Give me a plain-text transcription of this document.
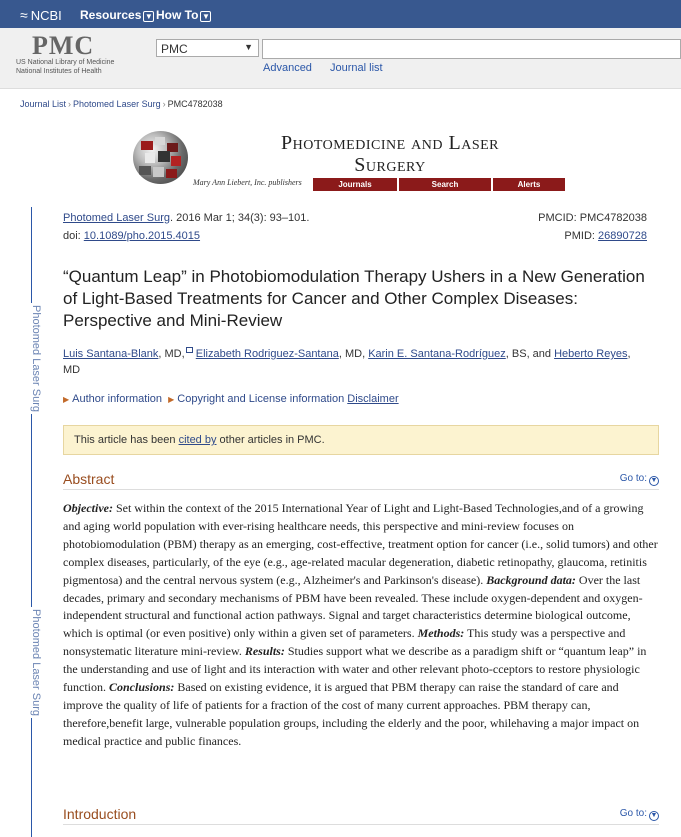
≈ NCBI Resources ▼ How To ▼
PMC
US National Library of Medicine
National Institutes of Health
PMC	▼
Advanced Journal list
Journal List › Photomed Laser Surg › PMC4782038
Photomedicine and Laser
Surgery
Mary Ann Liebert, Inc. publishers	Journals	Search	Alerts
Photomed Laser Surg
Photomed Laser Surg
Photomed Laser Surg. 2016 Mar 1; 34(3): 93–101.
doi: 10.1089/pho.2015.4015
PMCID: PMC4782038
PMID: 26890728
“Quantum Leap” in Photobiomodulation Therapy Ushers in a New Generation of Light-Based Treatments for Cancer and Other Complex Diseases: Perspective and Mini-Review
Luis Santana-Blank, MD, Elizabeth Rodriguez-Santana, MD, Karin E. Santana-Rodríguez, BS, and Heberto Reyes, MD
▶ Author information ▶ Copyright and License information Disclaimer
This article has been cited by other articles in PMC.
Abstract	Go to: ▼
Objective: Set within the context of the 2015 International Year of Light and Light-Based Technologies,and of a growing and aging world population with ever-rising healthcare needs, this perspective and mini-review focuses on photobiomodulation (PBM) therapy as an emerging, cost-effective, treatment option for cancer (i.e., solid tumors) and other complex diseases, particularly, of the eye (e.g., age-related macular degeneration, diabetic retinopathy, glaucoma, retinitis pigmentosa) and the central nervous system (e.g., Alzheimer's and Parkinson's disease). Background data: Over the last decades, primary and secondary mechanisms of PBM have been revealed. These include oxygen-dependent and oxygen-independent structural and functional action pathways. Signal and target characteristics determine biological outcome, which is optimal (or even positive) only within a given set of parameters. Methods: This study was a perspective and nonsystematic literature mini-review. Results: Studies support what we describe as a paradigm shift or “quantum leap” in the understanding and use of light and its interaction with water and other relevant photo-cceptors to restore physiologic function. Conclusions: Based on existing evidence, it is argued that PBM therapy can raise the standard of care and improve the quality of life of patients for a fraction of the cost of many current approaches. PBM therapy can, therefore,benefit large, vulnerable population groups, including the elderly and the poor, whilehaving a major impact on medical practice and public finances.
Introduction	Go to: ▼
